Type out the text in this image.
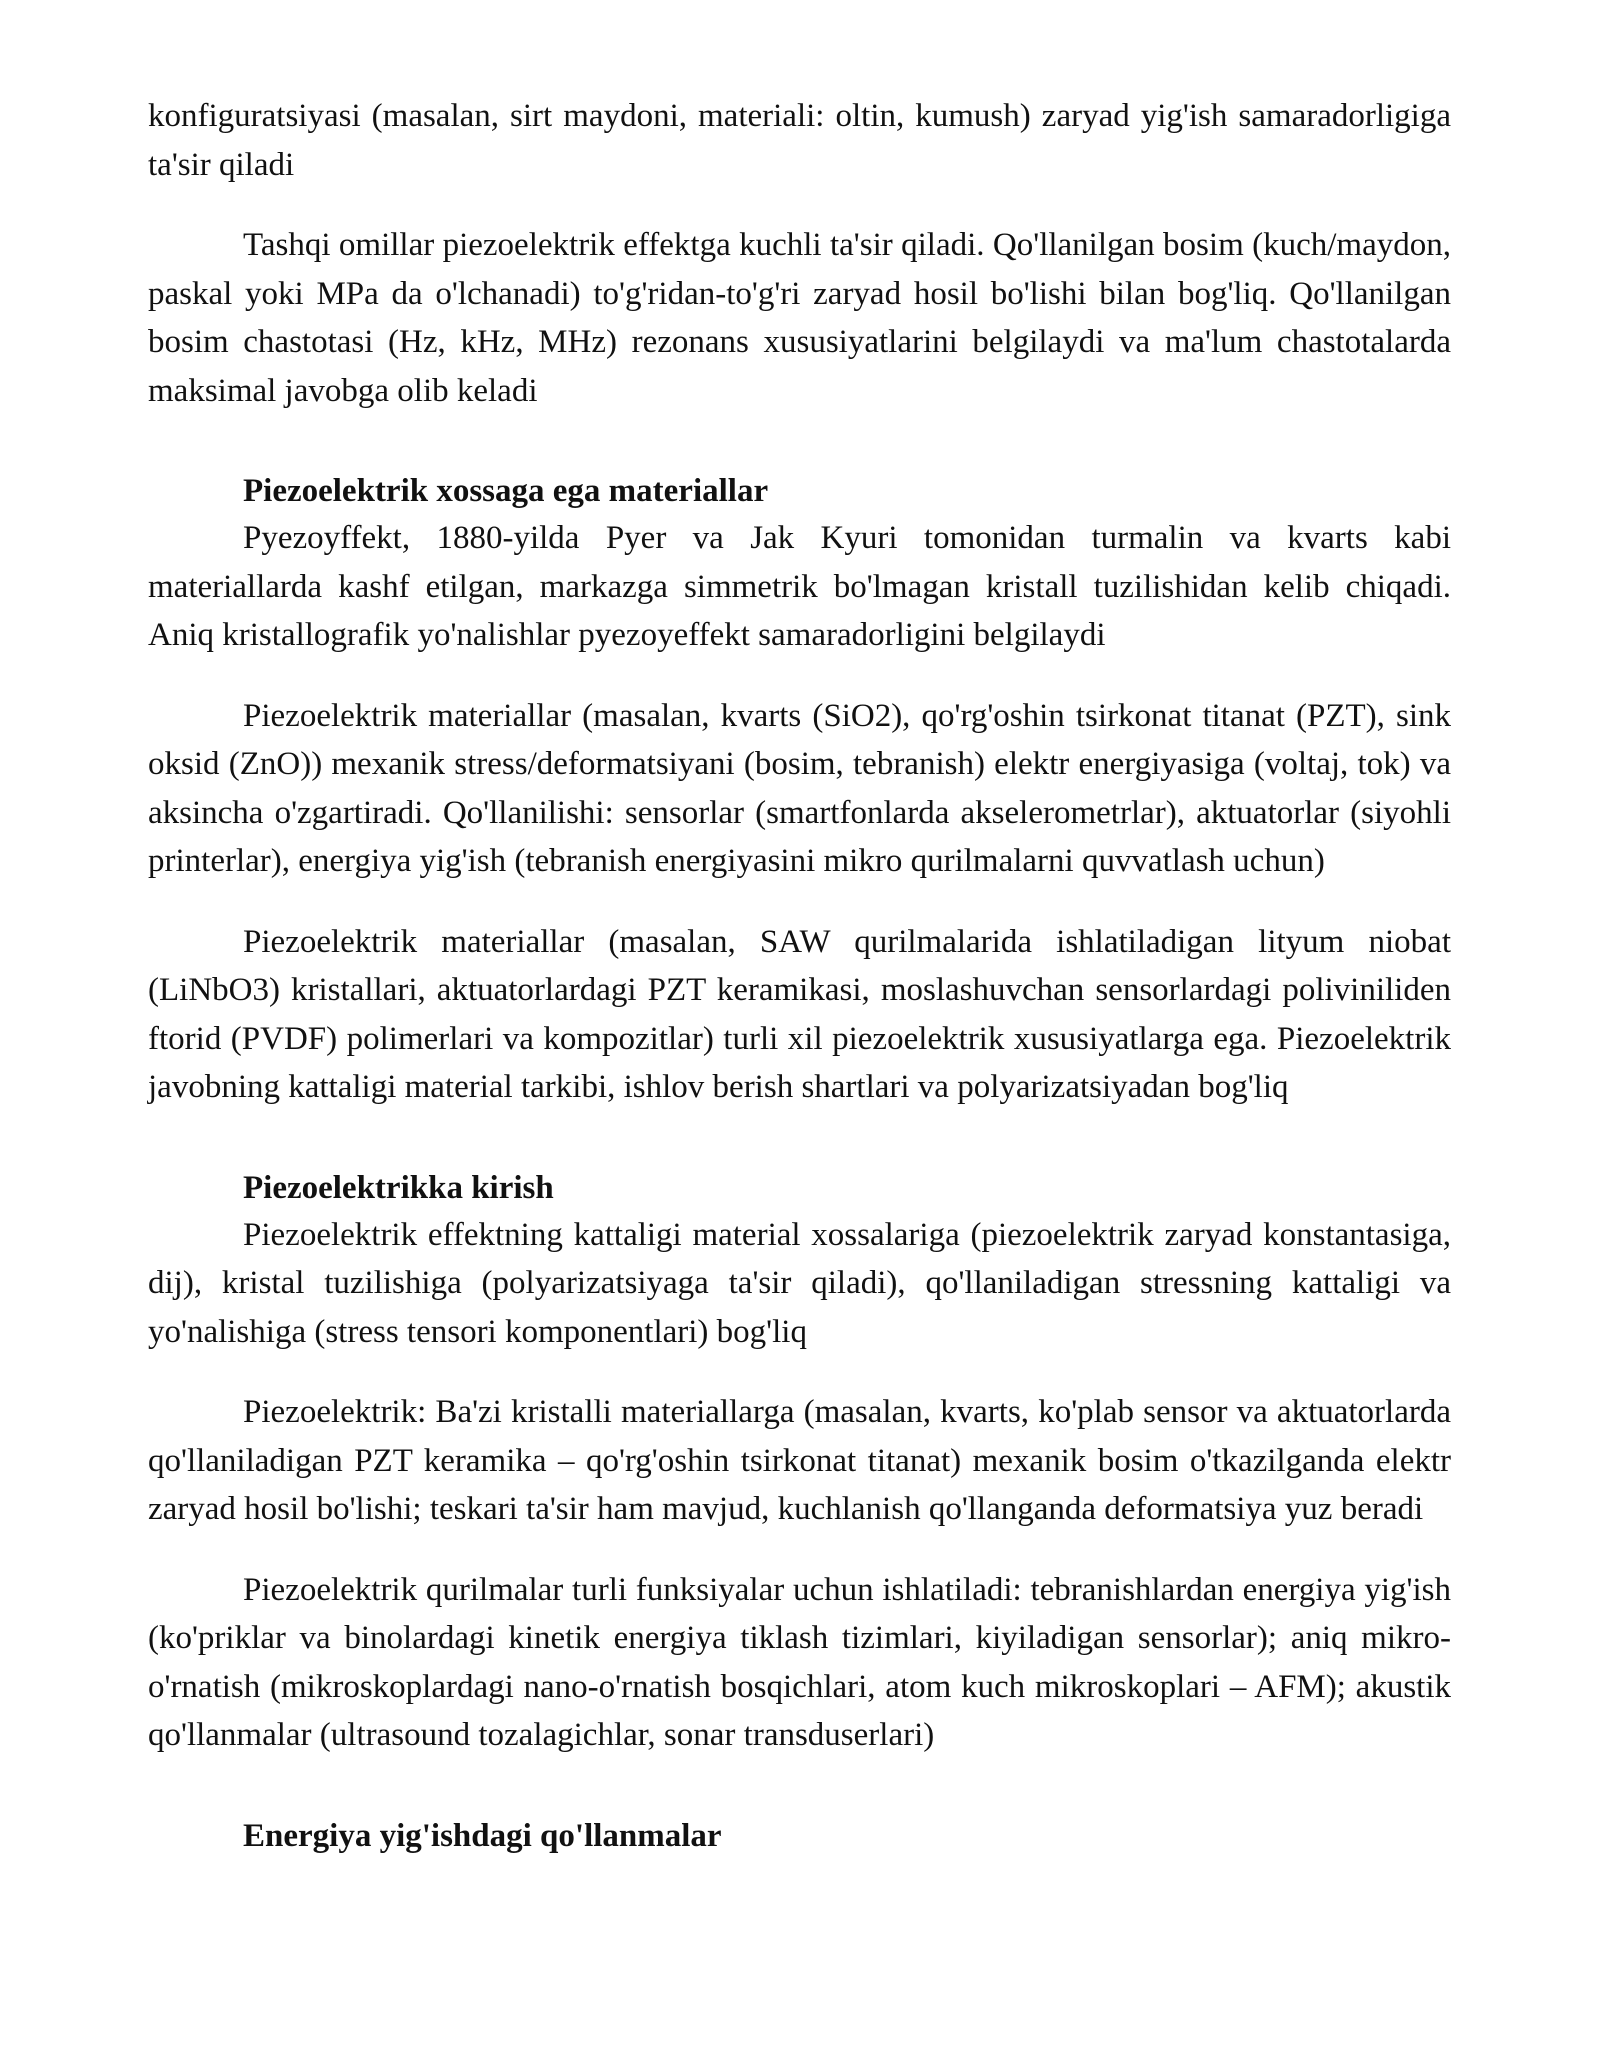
konfiguratsiyasi (masalan, sirt maydoni, materiali: oltin, kumush) zaryad yig'ish samaradorligiga ta'sir qiladi

Tashqi omillar piezoelektrik effektga kuchli ta'sir qiladi. Qo'llanilgan bosim (kuch/maydon, paskal yoki MPa da o'lchanadi) to'g'ridan-to'g'ri zaryad hosil bo'lishi bilan bog'liq. Qo'llanilgan bosim chastotasi (Hz, kHz, MHz) rezonans xususiyatlarini belgilaydi va ma'lum chastotalarda maksimal javobga olib keladi

Piezoelektrik xossaga ega materiallar

Pyezoyffekt, 1880-yilda Pyer va Jak Kyuri tomonidan turmalin va kvarts kabi materiallarda kashf etilgan, markazga simmetrik bo'lmagan kristall tuzilishidan kelib chiqadi. Aniq kristallografik yo'nalishlar pyezoyeffekt samaradorligini belgilaydi

Piezoelektrik materiallar (masalan, kvarts (SiO2), qo'rg'oshin tsirkonat titanat (PZT), sink oksid (ZnO)) mexanik stress/deformatsiyani (bosim, tebranish) elektr energiyasiga (voltaj, tok) va aksincha o'zgartiradi. Qo'llanilishi: sensorlar (smartfonlarda akselerometrlar), aktuatorlar (siyohli printerlar), energiya yig'ish (tebranish energiyasini mikro qurilmalarni quvvatlash uchun)

Piezoelektrik materiallar (masalan, SAW qurilmalarida ishlatiladigan lityum niobat (LiNbO3) kristallari, aktuatorlardagi PZT keramikasi, moslashuvchan sensorlardagi poliviniliden ftorid (PVDF) polimerlari va kompozitlar) turli xil piezoelektrik xususiyatlarga ega. Piezoelektrik javobning kattaligi material tarkibi, ishlov berish shartlari va polyarizatsiyadan bog'liq

Piezoelektrikka kirish

Piezoelektrik effektning kattaligi material xossalariga (piezoelektrik zaryad konstantasiga, dij), kristal tuzilishiga (polyarizatsiyaga ta'sir qiladi), qo'llaniladigan stressning kattaligi va yo'nalishiga (stress tensori komponentlari) bog'liq

Piezoelektrik: Ba'zi kristalli materiallarga (masalan, kvarts, ko'plab sensor va aktuatorlarda qo'llaniladigan PZT keramika – qo'rg'oshin tsirkonat titanat) mexanik bosim o'tkazilganda elektr zaryad hosil bo'lishi; teskari ta'sir ham mavjud, kuchlanish qo'llanganda deformatsiya yuz beradi

Piezoelektrik qurilmalar turli funksiyalar uchun ishlatiladi: tebranishlardan energiya yig'ish (ko'priklar va binolardagi kinetik energiya tiklash tizimlari, kiyiladigan sensorlar); aniq mikro-o'rnatish (mikroskoplardagi nano-o'rnatish bosqichlari, atom kuch mikroskoplari – AFM); akustik qo'llanmalar (ultrasound tozalagichlar, sonar transduserlari)

Energiya yig'ishdagi qo'llanmalar
